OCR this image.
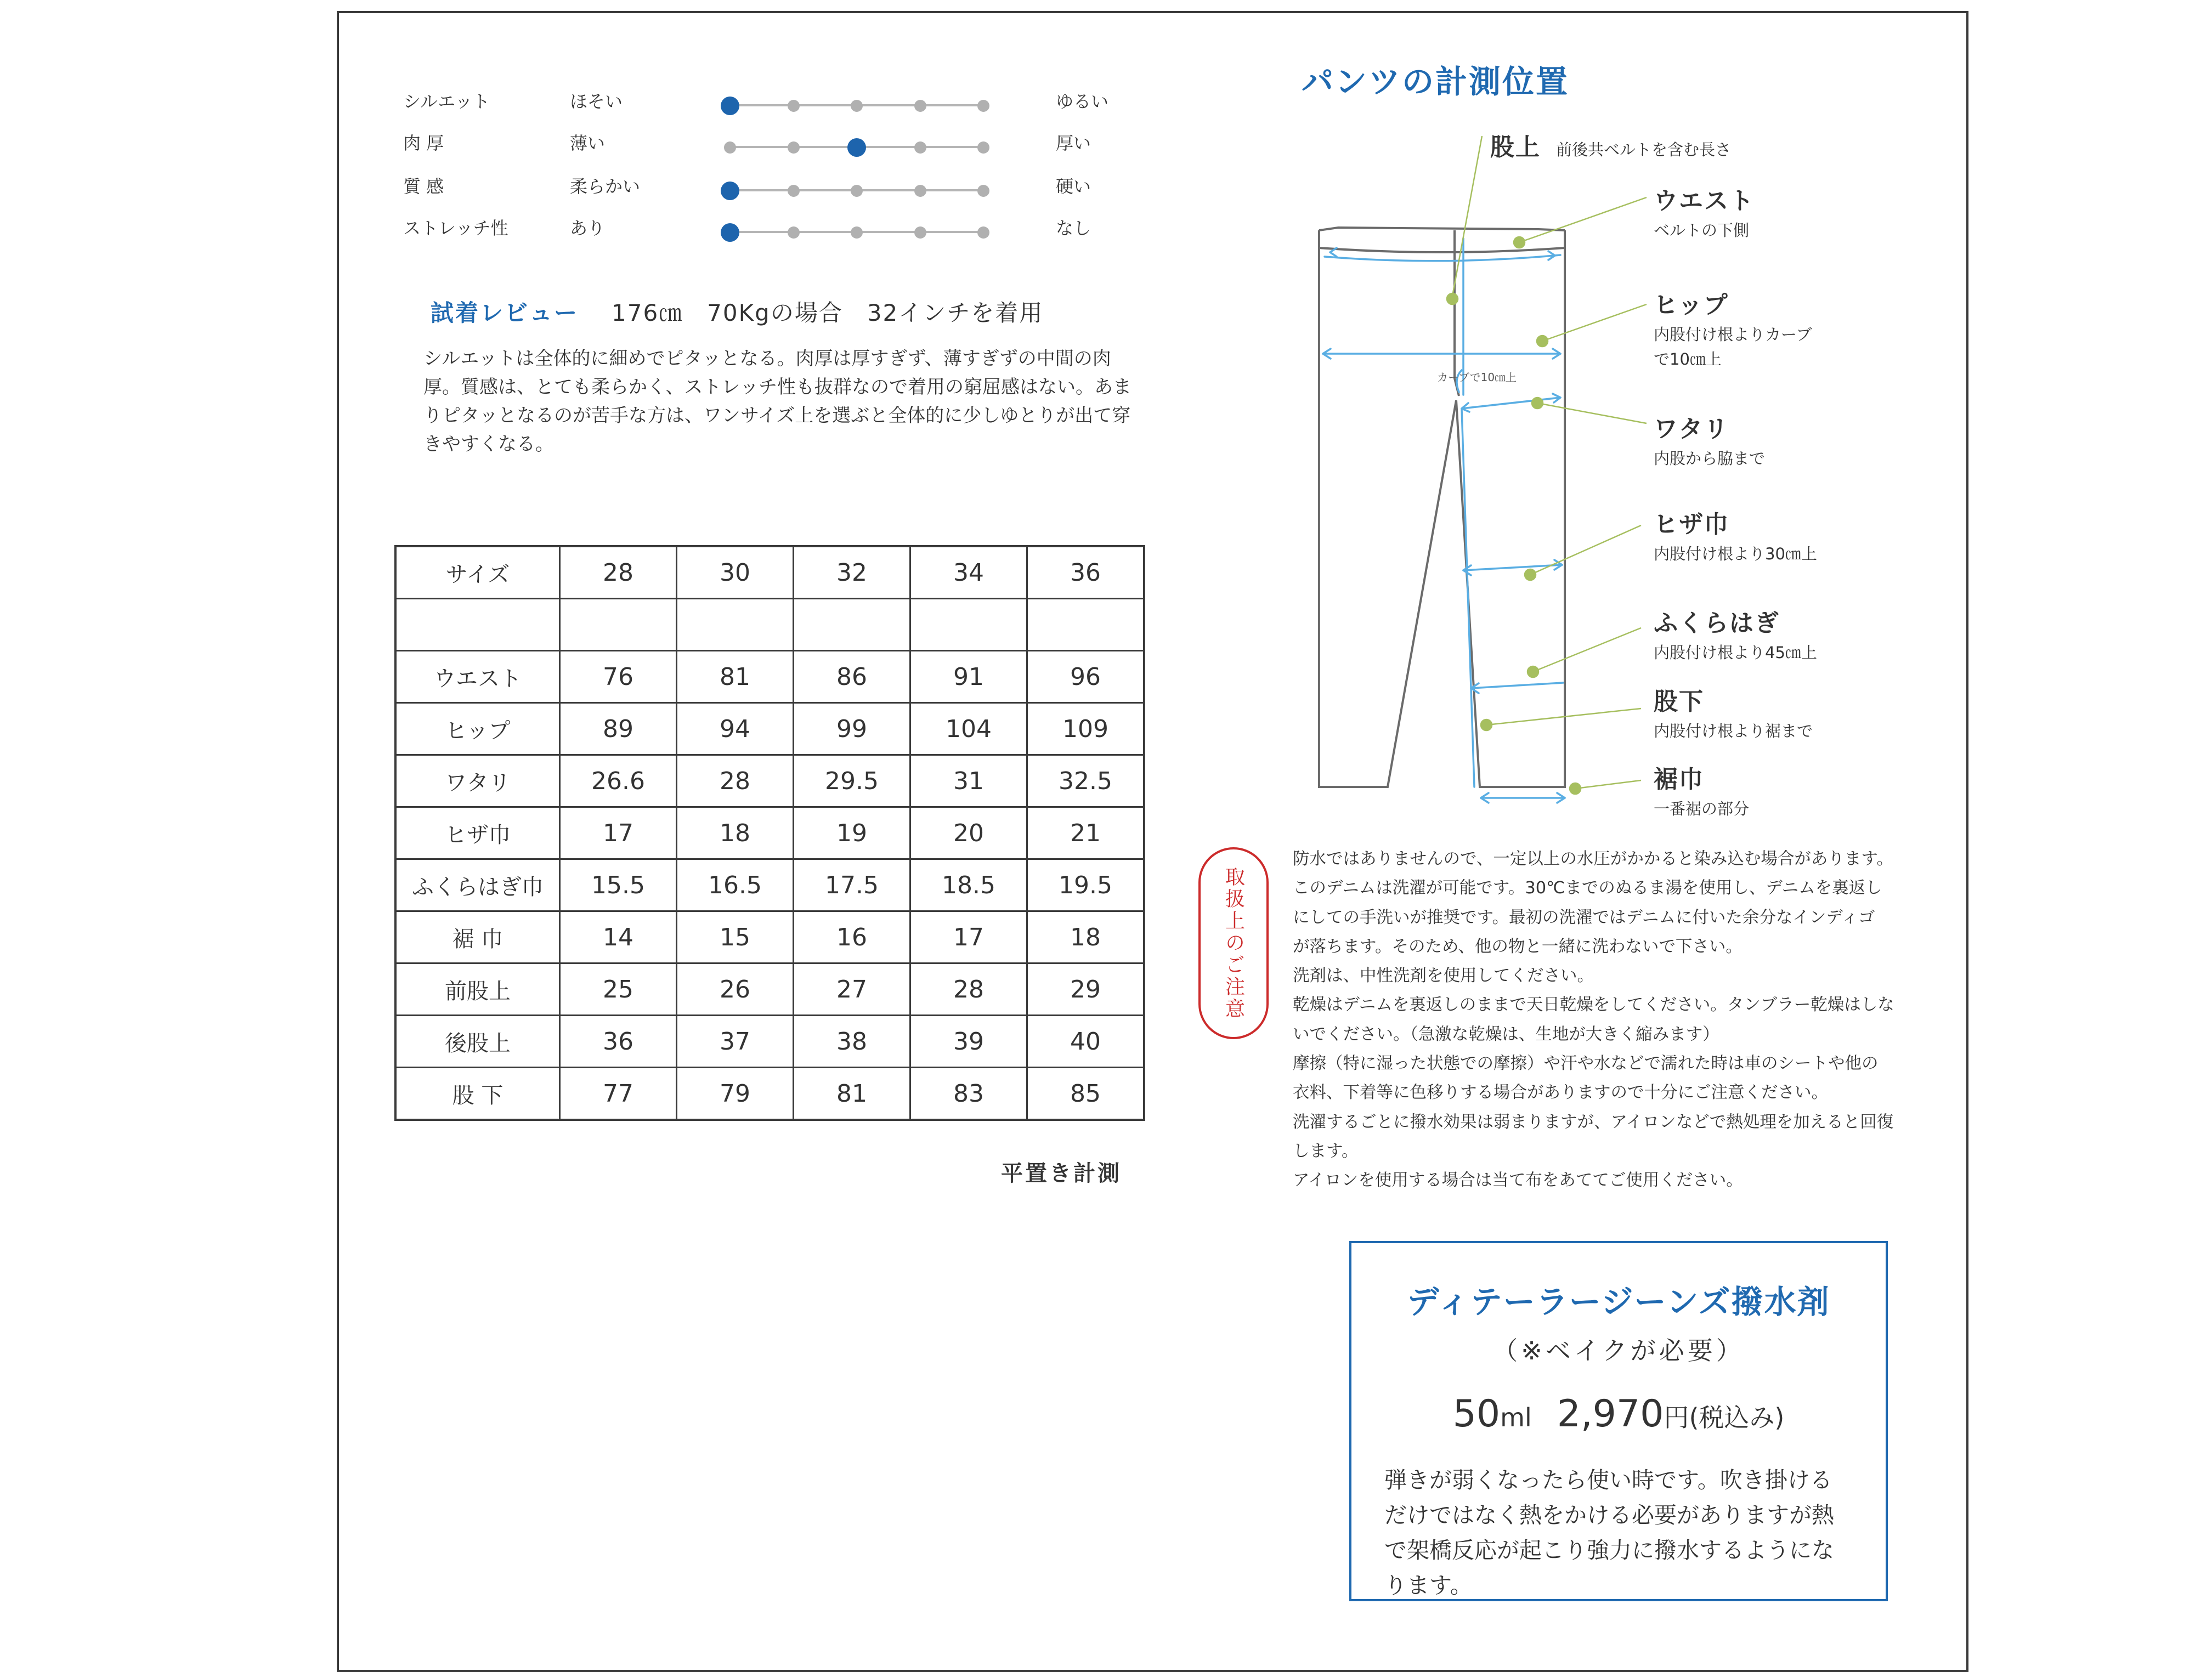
シルエット	ほそい	ゆるい
肉 厚	薄い	厚い
質 感	柔らかい	硬い
ストレッチ性	あり	なし
試着レビュー 176㎝　70Kgの場合　32インチを着用
シルエットは全体的に細めでピタッとなる。肉厚は厚すぎず、薄すぎずの中間の肉厚。質感は、とても柔らかく、ストレッチ性も抜群なので着用の窮屈感はない。あまりピタッとなるのが苦手な方は、ワンサイズ上を選ぶと全体的に少しゆとりが出て穿きやすくなる。
サイズ	28	30	32	34	36

ウエスト	76	81	86	91	96
ヒップ	89	94	99	104	109
ワタリ	26.6	28	29.5	31	32.5
ヒザ巾	17	18	19	20	21
ふくらはぎ巾	15.5	16.5	17.5	18.5	19.5
裾 巾	14	15	16	17	18
前股上	25	26	27	28	29
後股上	36	37	38	39	40
股 下	77	79	81	83	85
平置き計測
パンツの計測位置
カーブで10㎝上
股上 前後共ベルトを含む長さ
ウエスト
ベルトの下側
ヒップ
内股付け根よりカーブ
で10㎝上
ワタリ
内股から脇まで
ヒザ巾
内股付け根より30㎝上
ふくらはぎ
内股付け根より45㎝上
股下
内股付け根より裾まで
裾巾
一番裾の部分
取扱上のご注意

防水ではありませんので、一定以上の水圧がかかると染み込む場合があります。

このデニムは洗濯が可能です。30℃までのぬるま湯を使用し、デニムを裏返し

にしての手洗いが推奨です。最初の洗濯ではデニムに付いた余分なインディゴ

が落ちます。そのため、他の物と一緒に洗わないで下さい。

洗剤は、中性洗剤を使用してください。

乾燥はデニムを裏返しのままで天日乾燥をしてください。タンブラー乾燥はしな

いでください。（急激な乾燥は、生地が大きく縮みます）

摩擦（特に湿った状態での摩擦）や汗や水などで濡れた時は車のシートや他の

衣料、下着等に色移りする場合がありますので十分にご注意ください。

洗濯するごとに撥水効果は弱まりますが、アイロンなどで熱処理を加えると回復

します。

アイロンを使用する場合は当て布をあててご使用ください。

ディテーラージーンズ撥水剤
（※ベイクが必要）
50ml 2,970円(税込み)
弾きが弱くなったら使い時です。吹き掛けるだけではなく熱をかける必要がありますが熱で架橋反応が起こり強力に撥水するようになります。
